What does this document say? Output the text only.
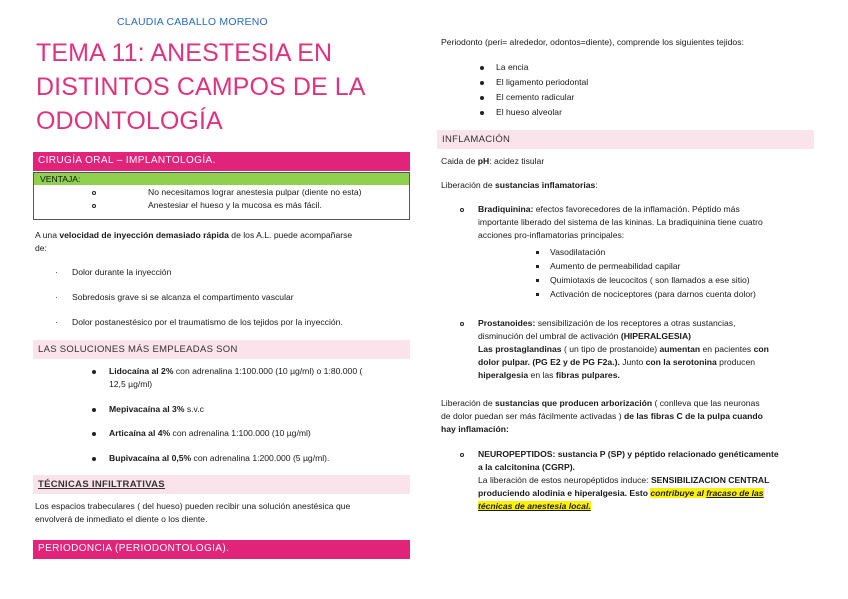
CLAUDIA CABALLO MORENO
TEMA 11: ANESTESIA EN
DISTINTOS CAMPOS DE LA
ODONTOLOGÍA
CIRUGÍA ORAL – IMPLANTOLOGÍA.
VENTAJA:
No necesitamos lograr anestesia pulpar (diente no esta)
Anestesiar el hueso y la mucosa es más fácil.
A una velocidad de inyección demasiado rápida de los A.L. puede acompañarse
de:
· Dolor durante la inyección
· Sobredosis grave si se alcanza el compartimento vascular
· Dolor postanestésico por el traumatismo de los tejidos por la inyección.
LAS SOLUCIONES MÁS EMPLEADAS SON
Lidocaína al 2% con adrenalina 1:100.000 (10 µg/ml) o 1:80.000 (
12,5 µg/ml)
Mepivacaína al 3% s.v.c
Articaína al 4% con adrenalina 1:100.000 (10 µg/ml)
Bupivacaína al 0,5% con adrenalina 1:200.000 (5 µg/ml).
TÉCNICAS INFILTRATIVAS
Los espacios trabeculares ( del hueso) pueden recibir una solución anestésica que
envolverá de inmediato el diente o los diente.
PERIODONCIA (PERIODONTOLOGIA).
Periodonto (peri= alrededor, odontos=diente), comprende los siguientes tejidos:
La encia
El ligamento periodontal
El cemento radicular
El hueso alveolar
INFLAMACIÓN
Caida de pH: acidez tisular
Liberación de sustancias inflamatorias:
Bradiquinina: efectos favorecedores de la inflamación. Péptido más
importante liberado del sistema de las kininas. La bradiquinina tiene cuatro
acciones pro-inflamatorias principales:
Vasodilatación
Aumento de permeabilidad capilar
Quimiotaxis de leucocitos ( son llamados a ese sitio)
Activación de nociceptores (para darnos cuenta dolor)
Prostanoides: sensibilización de los receptores a otras sustancias,
disminución del umbral de activación (HIPERALGESIA)
Las prostaglandinas ( un tipo de prostanoide) aumentan en pacientes con
dolor pulpar. (PG E2 y de PG F2a.). Junto con la serotonina producen
hiperalgesia en las fibras pulpares.
Liberación de sustancias que producen arborización ( conlleva que las neuronas
de dolor puedan ser más fácilmente activadas ) de las fibras C de la pulpa cuando
hay inflamación:
NEUROPEPTIDOS: sustancia P (SP) y péptido relacionado genéticamente
a la calcitonina (CGRP).
La liberación de estos neuropéptidos induce: SENSIBILIZACION CENTRAL
produciendo alodinia e hiperalgesia. Esto contribuye al fracaso de las
técnicas de anestesia local.
